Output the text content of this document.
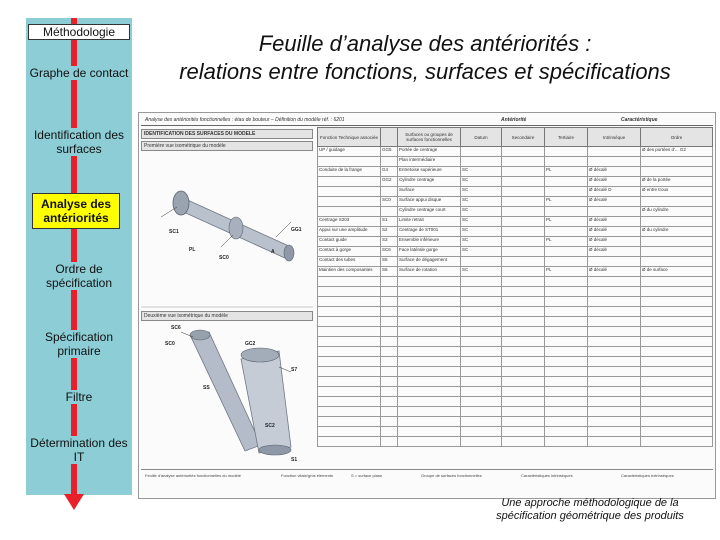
Méthodologie
Graphe de contact
Identification des surfaces
Analyse des antériorités
Ordre de spécification
Spécification primaire
Filtre
Détermination des IT
Feuille d’analyse des antériorités :
relations entre fonctions, surfaces et spécifications
Analyse des antériorités fonctionnelles : étau de bouteur – Définition du modèle réf. : 6201	Antériorité	Caractéristique
IDENTIFICATION DES SURFACES DU MODELE
Première vue isométrique du modèle
SC1
SC0
GG1
PL	A
Deuxième vue isométrique du modèle
SC6
SC0	GC2
S7
SS
SC2
S1
Fonction Technique associée		Surfaces ou groupes de surfaces fonctionnelles	Datum	Secondaire	Tertiaire	Intrinsèque	Ordre
UP / guidage	GG5	Portée de centrage					Ø des portées d'... G2
		Plan intermédiaire					
Conduite de la frange	G4	Entretoise supérieure	SC		PL	Ø décalé	
	GG2	Cylindre centrage	SC			Ø décalé	Ø de la portée
		Surface	SC			Ø décalé D	Ø entre trous
	SC0	Surface appui disque	SC		PL	Ø décalé	
		Cylindre centrage court	SC				Ø du cylindre
Centrage S203	S1	Limite retrait	SC		PL	Ø décalé	
Appui sur une amplitude	S2	Centrage de ST001	SC			Ø décalé	Ø du cylindre
Contact guide	S3	Ensemble inférieure	SC		PL	Ø décalé	
Contact à gorge	SC6	Face latérale gorge	SC			Ø décalé	
Contact des tubes	S5	Surface de dégagement					
Maintien des composantes	S6	Surface de rotation	SC		PL	Ø décalé	Ø de surface

Feuille d'analyse antériorités fonctionnelles du modèle	Fonction vitale/gros éléments	S = surface plane	Groupe de surfaces fonctionnelles	Caractéristiques intrinsèques	Caractéristiques extrinsèques
Une approche méthodologique de la
spécification géométrique des produits
